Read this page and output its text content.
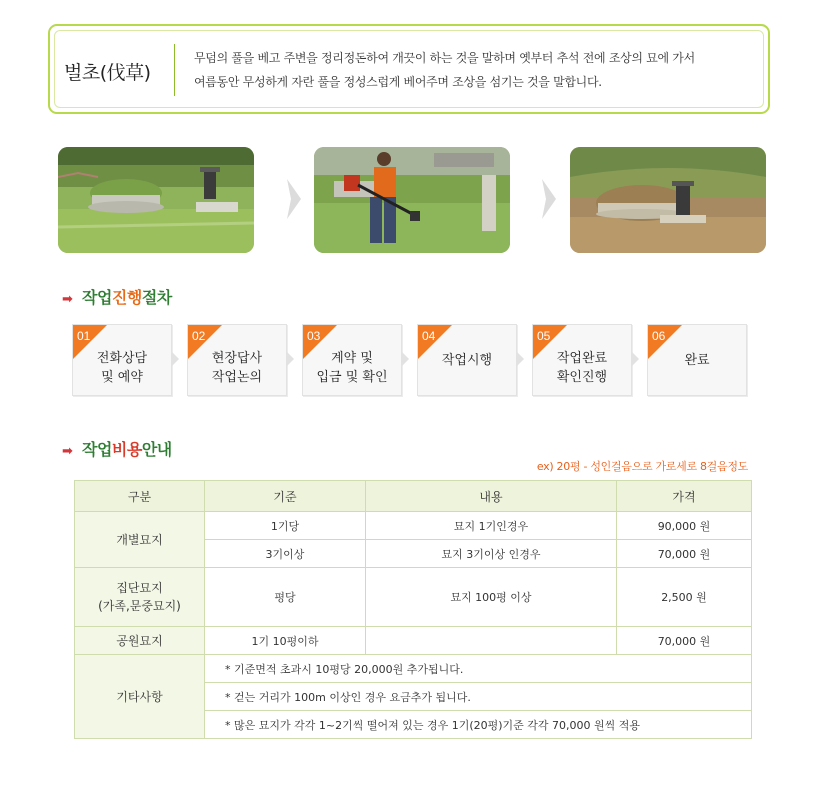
벌초(伐草)
무덤의 풀을 베고 주변을 정리정돈하여 개끗이 하는 것을 말하며 옛부터 추석 전에 조상의 묘에 가서
여름동안 무성하게 자란 풀을 정성스럽게 베어주며 조상을 섬기는 것을 말합니다.
➡ 작업진행절차
01
전화상담
및 예약
02
현장답사
작업논의
03
계약 및
입금 및 확인
04
작업시행
05
작업완료
확인진행
06
완료
➡ 작업비용안내
ex) 20평 - 성인걸음으로 가로세로 8걸음정도
구분	기준	내용	가격
개별묘지	1기당	묘지 1기인경우	90,000 원
	3기이상	묘지 3기이상 인경우	70,000 원

집단묘지
(가족,문중묘지)	평당	묘지 100평 이상	2,500 원
공원묘지	1기 10평이하		70,000 원
기타사항	* 기준면적 초과시 10평당 20,000원 추가됩니다.		
	* 걷는 거리가 100m 이상인 경우 요금추가 됩니다.		
	* 많은 묘지가 각각 1~2기씩 떨어져 있는 경우 1기(20평)기준 각각 70,000 원씩 적용		
